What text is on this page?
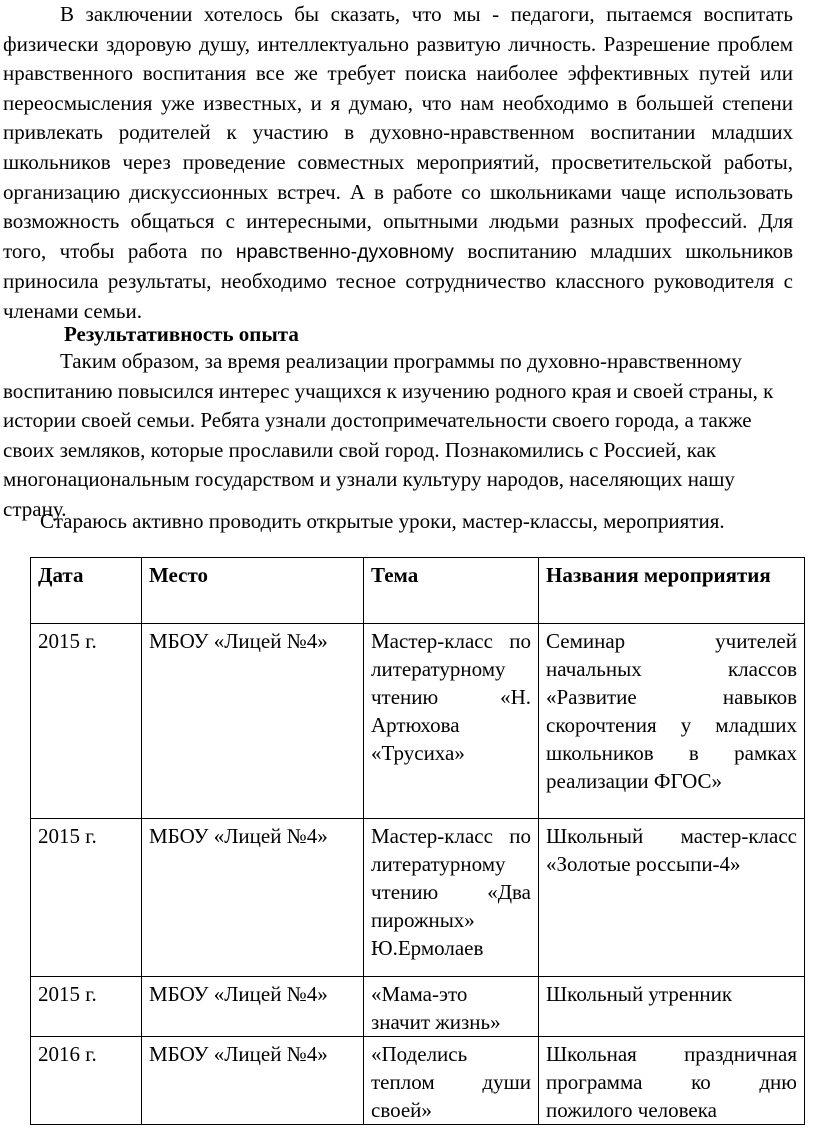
В заключении хотелось бы сказать, что мы - педагоги, пытаемся воспитать физически здоровую душу, интеллектуально развитую личность. Разрешение проблем нравственного воспитания все же требует поиска наиболее эффективных путей или переосмысления уже известных, и я думаю, что нам необходимо в большей степени привлекать родителей к участию в духовно-нравственном воспитании младших школьников через проведение совместных мероприятий, просветительской работы, организацию дискуссионных встреч. А в работе со школьниками чаще использовать возможность общаться с интересными, опытными людьми разных профессий. Для того, чтобы работа по нравственно-духовному воспитанию младших школьников приносила результаты, необходимо тесное сотрудничество классного руководителя с членами семьи.

Результативность опыта

Таким образом, за время реализации программы по духовно-нравственному воспитанию повысился интерес учащихся к изучению родного края и своей страны, к истории своей семьи. Ребята узнали достопримечательности своего города, а также своих земляков, которые прославили свой город. Познакомились с Россией, как многонациональным государством и узнали культуру народов, населяющих нашу страну.

Стараюсь активно проводить открытые уроки, мастер-классы, мероприятия.

Дата	Место	Тема	Названия мероприятия
2015 г.	МБОУ «Лицей №4»	Мастер-класс по литературному чтению «Н. Артюхова «Трусиха»	Семинар учителей начальных классов «Развитие навыков скорочтения у младших школьников в рамках реализации ФГОС»
2015 г.	МБОУ «Лицей №4»	Мастер-класс по литературному чтению «Два пирожных» Ю.Ермолаев	Школьный мастер-класс «Золотые россыпи-4»
2015 г.	МБОУ «Лицей №4»	«Мама-это значит жизнь»	Школьный утренник
2016 г.	МБОУ «Лицей №4»	«Поделись теплом души своей»	Школьная праздничная программа ко дню пожилого человека
